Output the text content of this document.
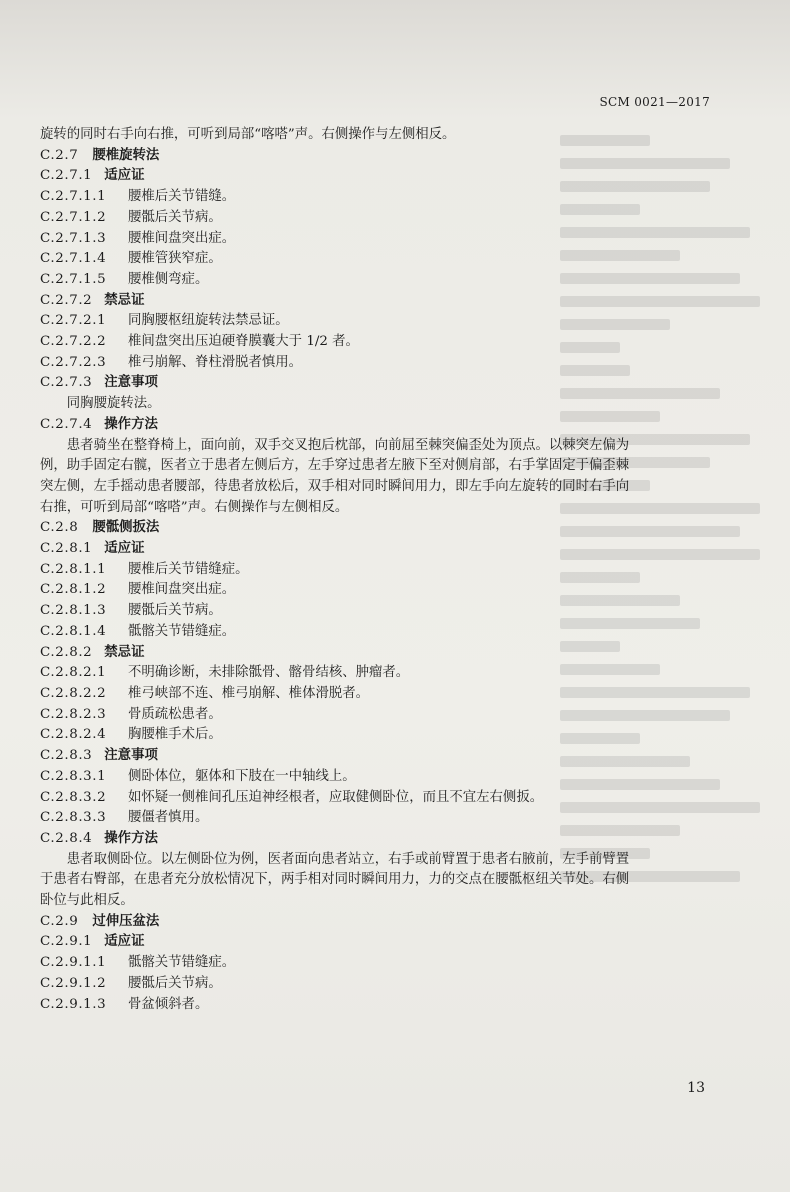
SCM 0021—2017
旋转的同时右手向右推，可听到局部“喀嗒”声。右侧操作与左侧相反。
C.2.7 腰椎旋转法
C.2.7.1 适应证
C.2.7.1.1 腰椎后关节错缝。
C.2.7.1.2 腰骶后关节病。
C.2.7.1.3 腰椎间盘突出症。
C.2.7.1.4 腰椎管狭窄症。
C.2.7.1.5 腰椎侧弯症。
C.2.7.2 禁忌证
C.2.7.2.1 同胸腰枢纽旋转法禁忌证。
C.2.7.2.2 椎间盘突出压迫硬脊膜囊大于 1/2 者。
C.2.7.2.3 椎弓崩解、脊柱滑脱者慎用。
C.2.7.3 注意事项
同胸腰旋转法。
C.2.7.4 操作方法
患者骑坐在整脊椅上，面向前，双手交叉抱后枕部，向前屈至棘突偏歪处为顶点。以棘突左偏为
例，助手固定右髋，医者立于患者左侧后方，左手穿过患者左腋下至对侧肩部，右手掌固定于偏歪棘
突左侧，左手摇动患者腰部，待患者放松后，双手相对同时瞬间用力，即左手向左旋转的同时右手向
右推，可听到局部“喀嗒”声。右侧操作与左侧相反。
C.2.8 腰骶侧扳法
C.2.8.1 适应证
C.2.8.1.1 腰椎后关节错缝症。
C.2.8.1.2 腰椎间盘突出症。
C.2.8.1.3 腰骶后关节病。
C.2.8.1.4 骶髂关节错缝症。
C.2.8.2 禁忌证
C.2.8.2.1 不明确诊断，未排除骶骨、髂骨结核、肿瘤者。
C.2.8.2.2 椎弓峡部不连、椎弓崩解、椎体滑脱者。
C.2.8.2.3 骨质疏松患者。
C.2.8.2.4 胸腰椎手术后。
C.2.8.3 注意事项
C.2.8.3.1 侧卧体位，躯体和下肢在一中轴线上。
C.2.8.3.2 如怀疑一侧椎间孔压迫神经根者，应取健侧卧位，而且不宜左右侧扳。
C.2.8.3.3 腰僵者慎用。
C.2.8.4 操作方法
患者取侧卧位。以左侧卧位为例，医者面向患者站立，右手或前臂置于患者右腋前，左手前臂置
于患者右臀部，在患者充分放松情况下，两手相对同时瞬间用力，力的交点在腰骶枢纽关节处。右侧
卧位与此相反。
C.2.9 过伸压盆法
C.2.9.1 适应证
C.2.9.1.1 骶髂关节错缝症。
C.2.9.1.2 腰骶后关节病。
C.2.9.1.3 骨盆倾斜者。
13
